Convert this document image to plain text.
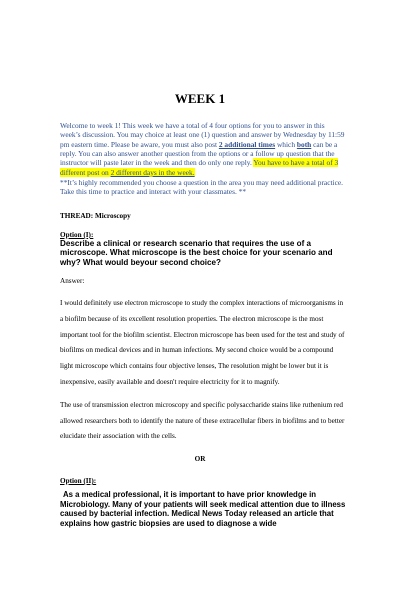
WEEK 1
Welcome to week 1! This week we have a total of 4 four options for you to answer in this week’s discussion. You may choice at least one (1) question and answer by Wednesday by 11:59 pm eastern time. Please be aware, you must also post 2 additional times which both can be a reply. You can also answer another question from the options or a follow up question that the instructor will paste later in the week and then do only one reply. You have to have a total of 3 different post on 2 different days in the week.
**It’s highly recommended you choose a question in the area you may need additional practice. Take this time to practice and interact with your classmates. **
THREAD: Microscopy
Option (I):
Describe a clinical or research scenario that requires the use of a microscope. What microscope is the best choice for your scenario and why? What would beyour second choice?
Answer:
I would definitely use electron microscope to study the complex interactions of microorganisms in a biofilm because of its excellent resolution properties. The electron microscope is the most important tool for the biofilm scientist. Electron microscope has been used for the test and study of biofilms on medical devices and in human infections. My second choice would be a compound light microscope which contains four objective lenses, The resolution might be lower but it is inexpensive, easily available and doesn't require electricity for it to magnify.
The use of transmission electron microscopy and specific polysaccharide stains like ruthenium red allowed researchers both to identify the nature of these extracellular fibers in biofilms and to better elucidate their association with the cells.
OR
Option (II):
As a medical professional, it is important to have prior knowledge in Microbiology. Many of your patients will seek medical attention due to illness caused by bacterial infection. Medical News Today released an article that explains how gastric biopsies are used to diagnose a wide
